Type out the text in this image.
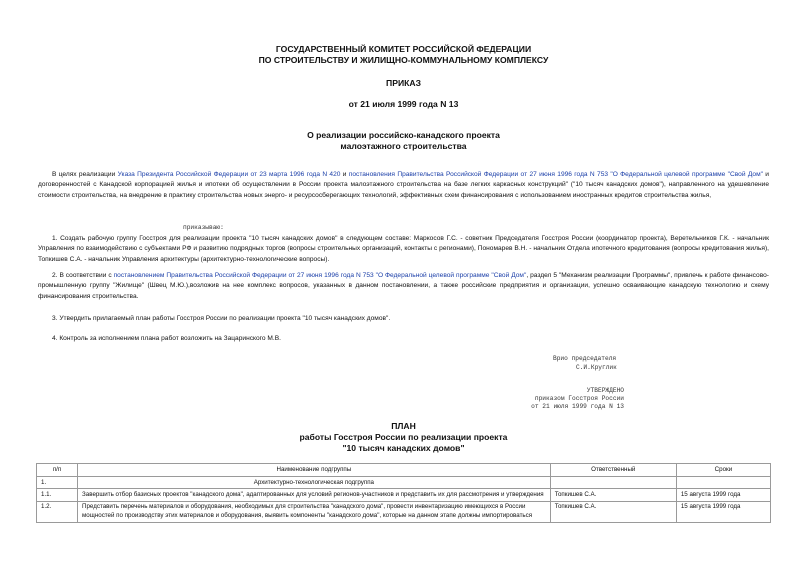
ГОСУДАРСТВЕННЫЙ КОМИТЕТ РОССИЙСКОЙ ФЕДЕРАЦИИ
ПО СТРОИТЕЛЬСТВУ И ЖИЛИЩНО-КОММУНАЛЬНОМУ КОМПЛЕКСУ
ПРИКАЗ
от 21 июля 1999 года N 13
О реализации российско-канадского проекта
малоэтажного строительства
В целях реализации Указа Президента Российской Федерации от 23 марта 1996 года N 420 и постановления Правительства Российской Федерации от 27 июня 1996 года N 753 "О Федеральной целевой программе "Свой Дом" и договоренностей с Канадской корпорацией жилья и ипотеки об осуществлении в России проекта малоэтажного строительства на базе легких каркасных конструкций" ("10 тысяч канадских домов"), направленного на удешевление стоимости строительства, на внедрение в практику строительства новых энерго- и ресурсосберегающих технологий, эффективных схем финансирования с использованием иностранных кредитов строительства жилья,
приказываю:
1. Создать рабочую группу Госстроя для реализации проекта "10 тысяч канадских домов" в следующем составе: Маркосов Г.С. - советник Председателя Госстроя России (координатор проекта), Веретельников Г.К. - начальник Управления по взаимодействию с субъектами РФ и развитию подрядных торгов (вопросы строительных организаций, контакты с регионами), Пономарев В.Н. - начальник Отдела ипотечного кредитования (вопросы кредитования жилья), Топкишев С.А. - начальник Управления архитектуры (архитектурно-технологические вопросы).
2. В соответствии с постановлением Правительства Российской Федерации от 27 июня 1996 года N 753 "О Федеральной целевой программе "Свой Дом", раздел 5 "Механизм реализации Программы", привлечь к работе финансово-промышленную группу "Жилище" (Швец М.Ю.),возложив на нее комплекс вопросов, указанных в данном постановлении, а также российские предприятия и организации, успешно осваивающие канадскую технологию и схему финансирования строительства.
3. Утвердить прилагаемый план работы Госстроя России по реализации проекта "10 тысяч канадских домов".
4. Контроль за исполнением плана работ возложить на Зацаринского М.В.
Врио председателя
С.И.Круглик
УТВЕРЖДЕНО
приказом Госстроя России
от 21 июля 1999 года N 13
ПЛАН
работы Госстроя России по реализации проекта
"10 тысяч канадских домов"
п/п	Наименование подгруппы	Ответственный	Сроки
1.	Архитектурно-технологическая подгруппа		
1.1.	Завершить отбор базисных проектов "канадского дома", адаптированных для условий регионов-участников и представить их для рассмотрения и утверждения	Топкишев С.А.	15 августа 1999 года
1.2.	Представить перечень материалов и оборудования, необходимых для строительства "канадского дома", провести инвентаризацию имеющихся в России мощностей по производству этих материалов и оборудования, выявить компоненты "канадского дома", которые на данном этапе должны импортироваться	Топкишев С.А.	15 августа 1999 года
